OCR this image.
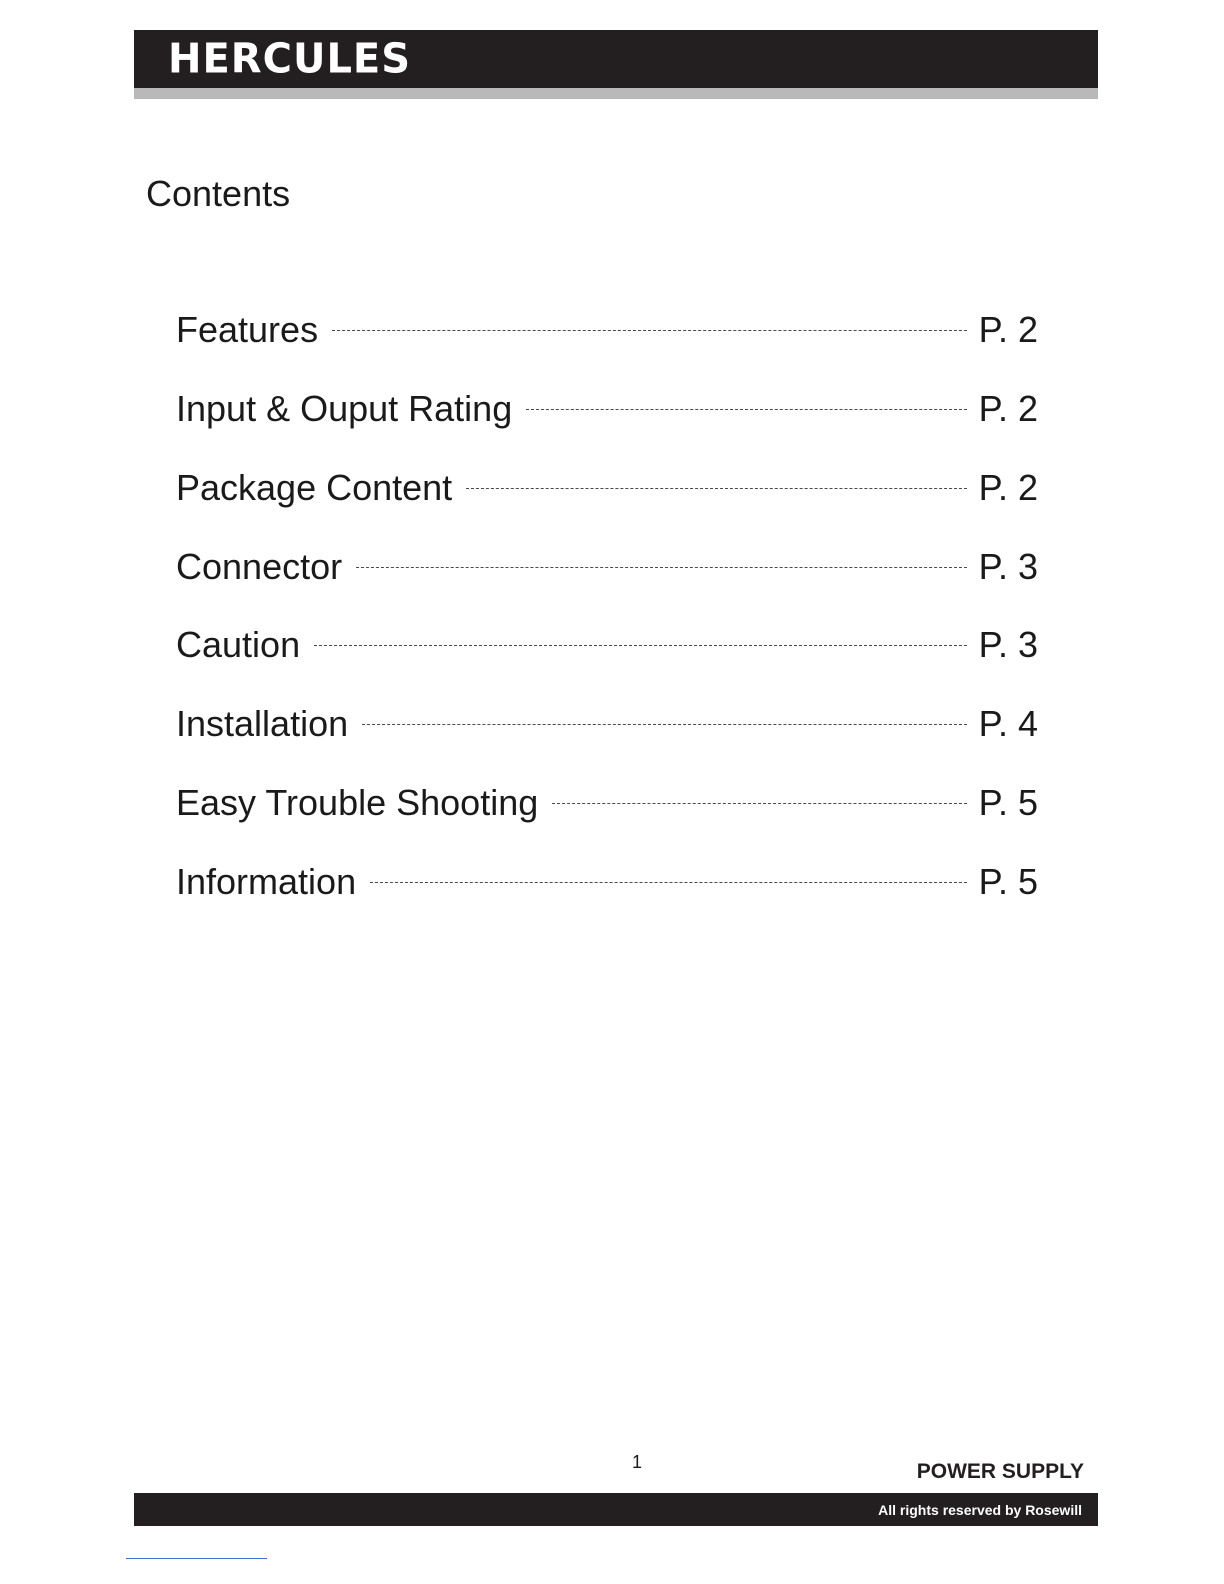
HERCULES
Contents
Features	P. 2
Input & Ouput Rating	P. 2
Package Content	P. 2
Connector	P. 3
Caution	P. 3
Installation	P. 4
Easy Trouble Shooting	P. 5
Information	P. 5
1	POWER SUPPLY
All rights reserved by Rosewill
